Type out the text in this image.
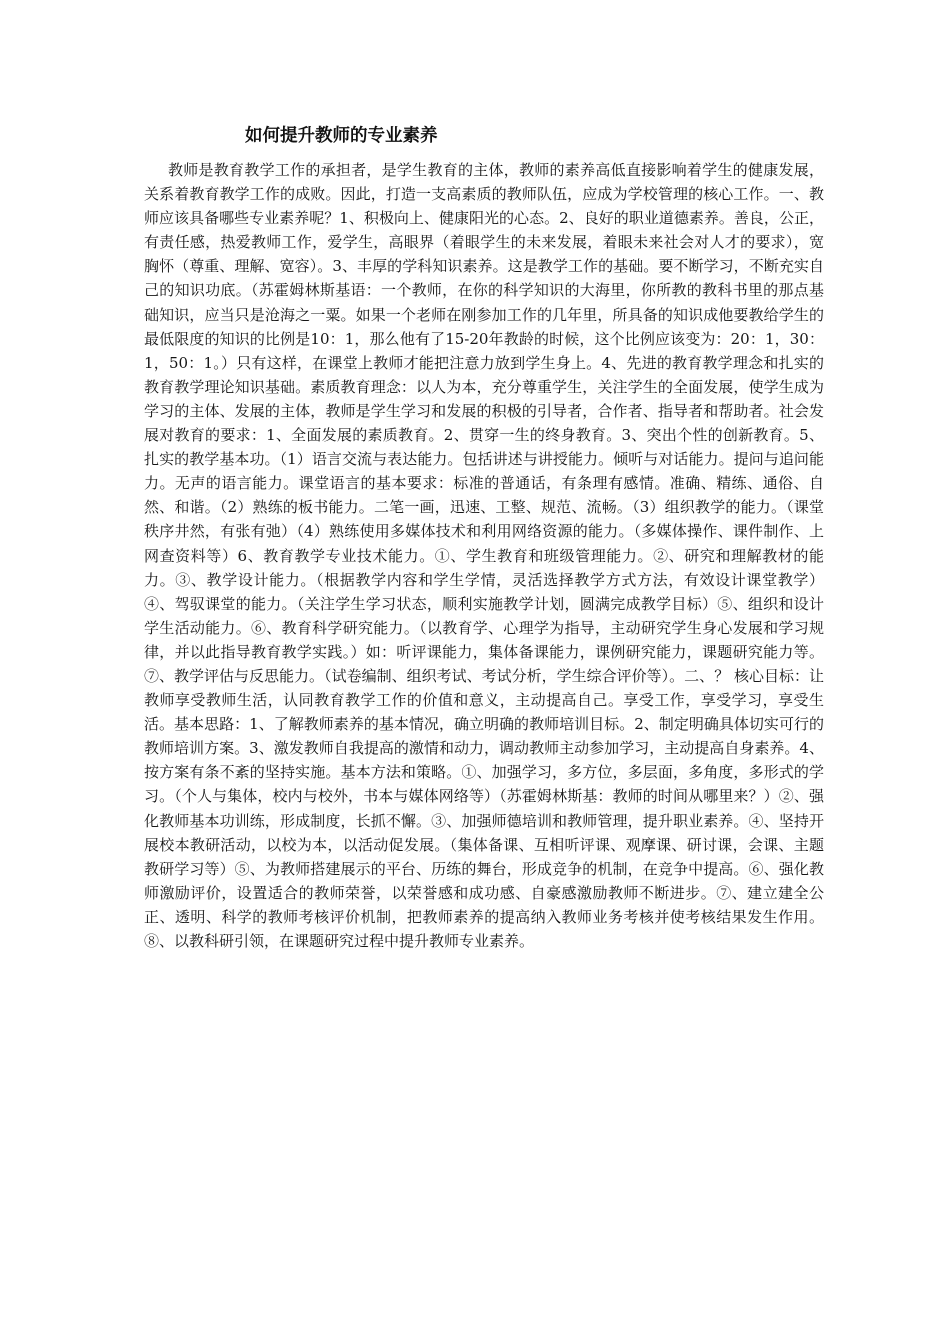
如何提升教师的专业素养

教师是教育教学工作的承担者，是学生教育的主体，教师的素养高低直接影响着学生的健康发展，关系着教育教学工作的成败。因此，打造一支高素质的教师队伍，应成为学校管理的核心工作。一、教师应该具备哪些专业素养呢？1、积极向上、健康阳光的心态。2、良好的职业道德素养。善良，公正，有责任感，热爱教师工作，爱学生，高眼界（着眼学生的未来发展，着眼未来社会对人才的要求），宽胸怀（尊重、理解、宽容）。3、丰厚的学科知识素养。这是教学工作的基础。要不断学习，不断充实自己的知识功底。（苏霍姆林斯基语：一个教师，在你的科学知识的大海里，你所教的教科书里的那点基础知识，应当只是沧海之一粟。如果一个老师在刚参加工作的几年里，所具备的知识成他要教给学生的最低限度的知识的比例是10：1，那么他有了15-20年教龄的时候，这个比例应该变为：20：1，30：1，50：1。）只有这样，在课堂上教师才能把注意力放到学生身上。4、先进的教育教学理念和扎实的教育教学理论知识基础。素质教育理念：以人为本，充分尊重学生，关注学生的全面发展，使学生成为学习的主体、发展的主体，教师是学生学习和发展的积极的引导者，合作者、指导者和帮助者。社会发展对教育的要求：1、全面发展的素质教育。2、贯穿一生的终身教育。3、突出个性的创新教育。5、扎实的教学基本功。（1）语言交流与表达能力。包括讲述与讲授能力。倾听与对话能力。提问与追问能力。无声的语言能力。课堂语言的基本要求：标准的普通话，有条理有感情。准确、精练、通俗、自然、和谐。（2）熟练的板书能力。二笔一画，迅速、工整、规范、流畅。（3）组织教学的能力。（课堂秩序井然，有张有弛）（4）熟练使用多媒体技术和利用网络资源的能力。（多媒体操作、课件制作、上网查资料等）6、教育教学专业技术能力。①、学生教育和班级管理能力。②、研究和理解教材的能力。③、教学设计能力。（根据教学内容和学生学情，灵活选择教学方式方法，有效设计课堂教学）④、驾驭课堂的能力。（关注学生学习状态，顺利实施教学计划，圆满完成教学目标）⑤、组织和设计学生活动能力。⑥、教育科学研究能力。（以教育学、心理学为指导，主动研究学生身心发展和学习规律，并以此指导教育教学实践。）如：听评课能力，集体备课能力，课例研究能力，课题研究能力等。⑦、教学评估与反思能力。（试卷编制、组织考试、考试分析，学生综合评价等）。二、？ 核心目标：让教师享受教师生活，认同教育教学工作的价值和意义，主动提高自己。享受工作，享受学习，享受生活。基本思路：1、了解教师素养的基本情况，确立明确的教师培训目标。2、制定明确具体切实可行的教师培训方案。3、激发教师自我提高的激情和动力，调动教师主动参加学习，主动提高自身素养。4、按方案有条不紊的坚持实施。基本方法和策略。①、加强学习，多方位，多层面，多角度，多形式的学习。（个人与集体，校内与校外，书本与媒体网络等）（苏霍姆林斯基：教师的时间从哪里来？）②、强化教师基本功训练，形成制度，长抓不懈。③、加强师德培训和教师管理，提升职业素养。④、坚持开展校本教研活动，以校为本，以活动促发展。（集体备课、互相听评课、观摩课、研讨课，会课、主题教研学习等）⑤、为教师搭建展示的平台、历练的舞台，形成竞争的机制，在竞争中提高。⑥、强化教师激励评价，设置适合的教师荣誉，以荣誉感和成功感、自豪感激励教师不断进步。⑦、建立建全公正、透明、科学的教师考核评价机制，把教师素养的提高纳入教师业务考核并使考核结果发生作用。⑧、以教科研引领，在课题研究过程中提升教师专业素养。
